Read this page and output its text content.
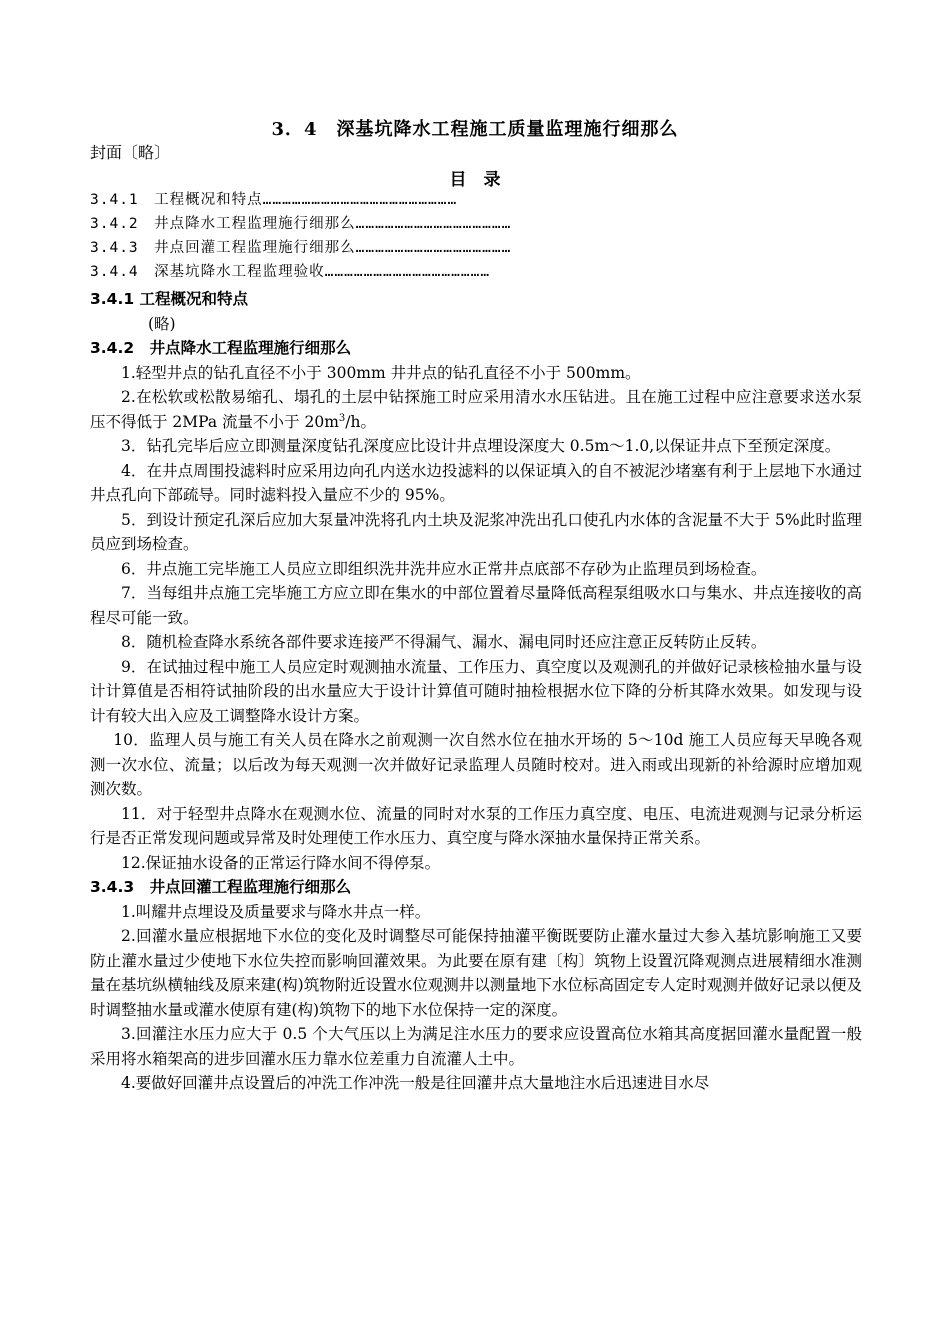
3．4　深基坑降水工程施工质量监理施行细那么
封面〔略〕
目　录
3.4.1　工程概况和特点……………………………………………………
3.4.2　井点降水工程监理施行细那么…………………………………………
3.4.3　井点回灌工程监理施行细那么…………………………………………
3.4.4　深基坑降水工程监理验收……………………………………………
3.4.1 工程概况和特点
(略)
3.4.2　井点降水工程监理施行细那么
1.轻型井点的钻孔直径不小于 300mm 井井点的钻孔直径不小于 500mm。
2.在松软或松散易缩孔、塌孔的土层中钻探施工时应采用清水水压钻进。且在施工过程中应注意要求送水泵压不得低于 2MPa 流量不小于 $20m^3/h$。
3．钻孔完毕后应立即测量深度钻孔深度应比设计井点埋设深度大 0.5m～1.0,以保证井点下至预定深度。
4．在井点周围投滤料时应采用边向孔内送水边投滤料的以保证填入的自不被泥沙堵塞有利于上层地下水通过井点孔向下部疏导。同时滤料投入量应不少的 95%。
5．到设计预定孔深后应加大泵量冲洗将孔内土块及泥浆冲洗出孔口使孔内水体的含泥量不大于 5%此时监理员应到场检查。
6．井点施工完毕施工人员应立即组织洗井洗井应水正常井点底部不存砂为止监理员到场检查。
7．当每组井点施工完毕施工方应立即在集水的中部位置着尽量降低高程泵组吸水口与集水、井点连接收的高程尽可能一致。
8．随机检查降水系统各部件要求连接严不得漏气、漏水、漏电同时还应注意正反转防止反转。
9．在试抽过程中施工人员应定时观测抽水流量、工作压力、真空度以及观测孔的并做好记录核检抽水量与设计计算值是否相符试抽阶段的出水量应大于设计计算值可随时抽检根据水位下降的分析其降水效果。如发现与设计有较大出入应及工调整降水设计方案。
10．监理人员与施工有关人员在降水之前观测一次自然水位在抽水开场的 5～10d 施工人员应每天早晚各观测一次水位、流量；以后改为每天观测一次并做好记录监理人员随时校对。进入雨或出现新的补给源时应增加观测次数。
11．对于轻型井点降水在观测水位、流量的同时对水泵的工作压力真空度、电压、电流进观测与记录分析运行是否正常发现问题或异常及时处理使工作水压力、真空度与降水深抽水量保持正常关系。
12.保证抽水设备的正常运行降水间不得停泵。
3.4.3　井点回灌工程监理施行细那么
1.叫耀井点埋设及质量要求与降水井点一样。
2.回灌水量应根据地下水位的变化及时调整尽可能保持抽灌平衡既要防止灌水量过大参入基坑影响施工又要防止灌水量过少使地下水位失控而影响回灌效果。为此要在原有建〔构〕筑物上设置沉降观测点进展精细水准测量在基坑纵横轴线及原来建(构)筑物附近设置水位观测井以测量地下水位标高固定专人定时观测并做好记录以便及时调整抽水量或灌水使原有建(构)筑物下的地下水位保持一定的深度。
3.回灌注水压力应大于 0.5 个大气压以上为满足注水压力的要求应设置高位水箱其高度据回灌水量配置一般采用将水箱架高的进步回灌水压力靠水位差重力自流灌人土中。
4.要做好回灌井点设置后的冲洗工作冲洗一般是往回灌井点大量地注水后迅速进目水尽
